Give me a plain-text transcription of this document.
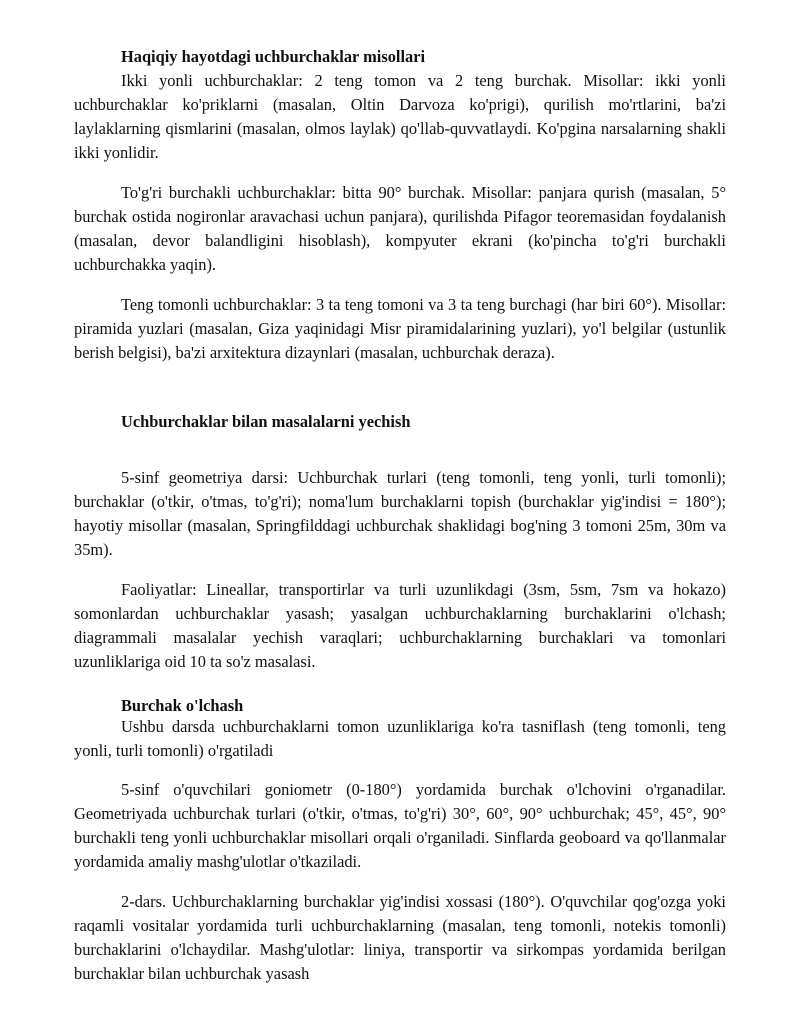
Haqiqiy hayotdagi uchburchaklar misollari

Ikki yonli uchburchaklar: 2 teng tomon va 2 teng burchak. Misollar: ikki yonli uchburchaklar ko'priklarni (masalan, Oltin Darvoza ko'prigi), qurilish mo'rtlarini, ba'zi laylaklarning qismlarini (masalan, olmos laylak) qo'llab-quvvatlaydi. Ko'pgina narsalarning shakli ikki yonlidir.

To'g'ri burchakli uchburchaklar: bitta 90° burchak. Misollar: panjara qurish (masalan, 5° burchak ostida nogironlar aravachasi uchun panjara), qurilishda Pifagor teoremasidan foydalanish (masalan, devor balandligini hisoblash), kompyuter ekrani (ko'pincha to'g'ri burchakli uchburchakka yaqin).

Teng tomonli uchburchaklar: 3 ta teng tomoni va 3 ta teng burchagi (har biri 60°). Misollar: piramida yuzlari (masalan, Giza yaqinidagi Misr piramidalarining yuzlari), yo'l belgilar (ustunlik berish belgisi), ba'zi arxitektura dizaynlari (masalan, uchburchak deraza).

Uchburchaklar bilan masalalarni yechish

5-sinf geometriya darsi: Uchburchak turlari (teng tomonli, teng yonli, turli tomonli); burchaklar (o'tkir, o'tmas, to'g'ri); noma'lum burchaklarni topish (burchaklar yig'indisi = 180°); hayotiy misollar (masalan, Springfilddagi uchburchak shaklidagi bog'ning 3 tomoni 25m, 30m va 35m).

Faoliyatlar: Lineallar, transportirlar va turli uzunlikdagi (3sm, 5sm, 7sm va hokazo) somonlardan uchburchaklar yasash; yasalgan uchburchaklarning burchaklarini o'lchash; diagrammali masalalar yechish varaqlari; uchburchaklarning burchaklari va tomonlari uzunliklariga oid 10 ta so'z masalasi.

Burchak o'lchash

Ushbu darsda uchburchaklarni tomon uzunliklariga ko'ra tasniflash (teng tomonli, teng yonli, turli tomonli) o'rgatiladi

5-sinf o'quvchilari goniometr (0-180°) yordamida burchak o'lchovini o'rganadilar. Geometriyada uchburchak turlari (o'tkir, o'tmas, to'g'ri) 30°, 60°, 90° uchburchak; 45°, 45°, 90° burchakli teng yonli uchburchaklar misollari orqali o'rganiladi. Sinflarda geoboard va qo'llanmalar yordamida amaliy mashg'ulotlar o'tkaziladi.

2-dars. Uchburchaklarning burchaklar yig'indisi xossasi (180°). O'quvchilar qog'ozga yoki raqamli vositalar yordamida turli uchburchaklarning (masalan, teng tomonli, notekis tomonli) burchaklarini o'lchaydilar. Mashg'ulotlar: liniya, transportir va sirkompas yordamida berilgan burchaklar bilan uchburchak yasash
